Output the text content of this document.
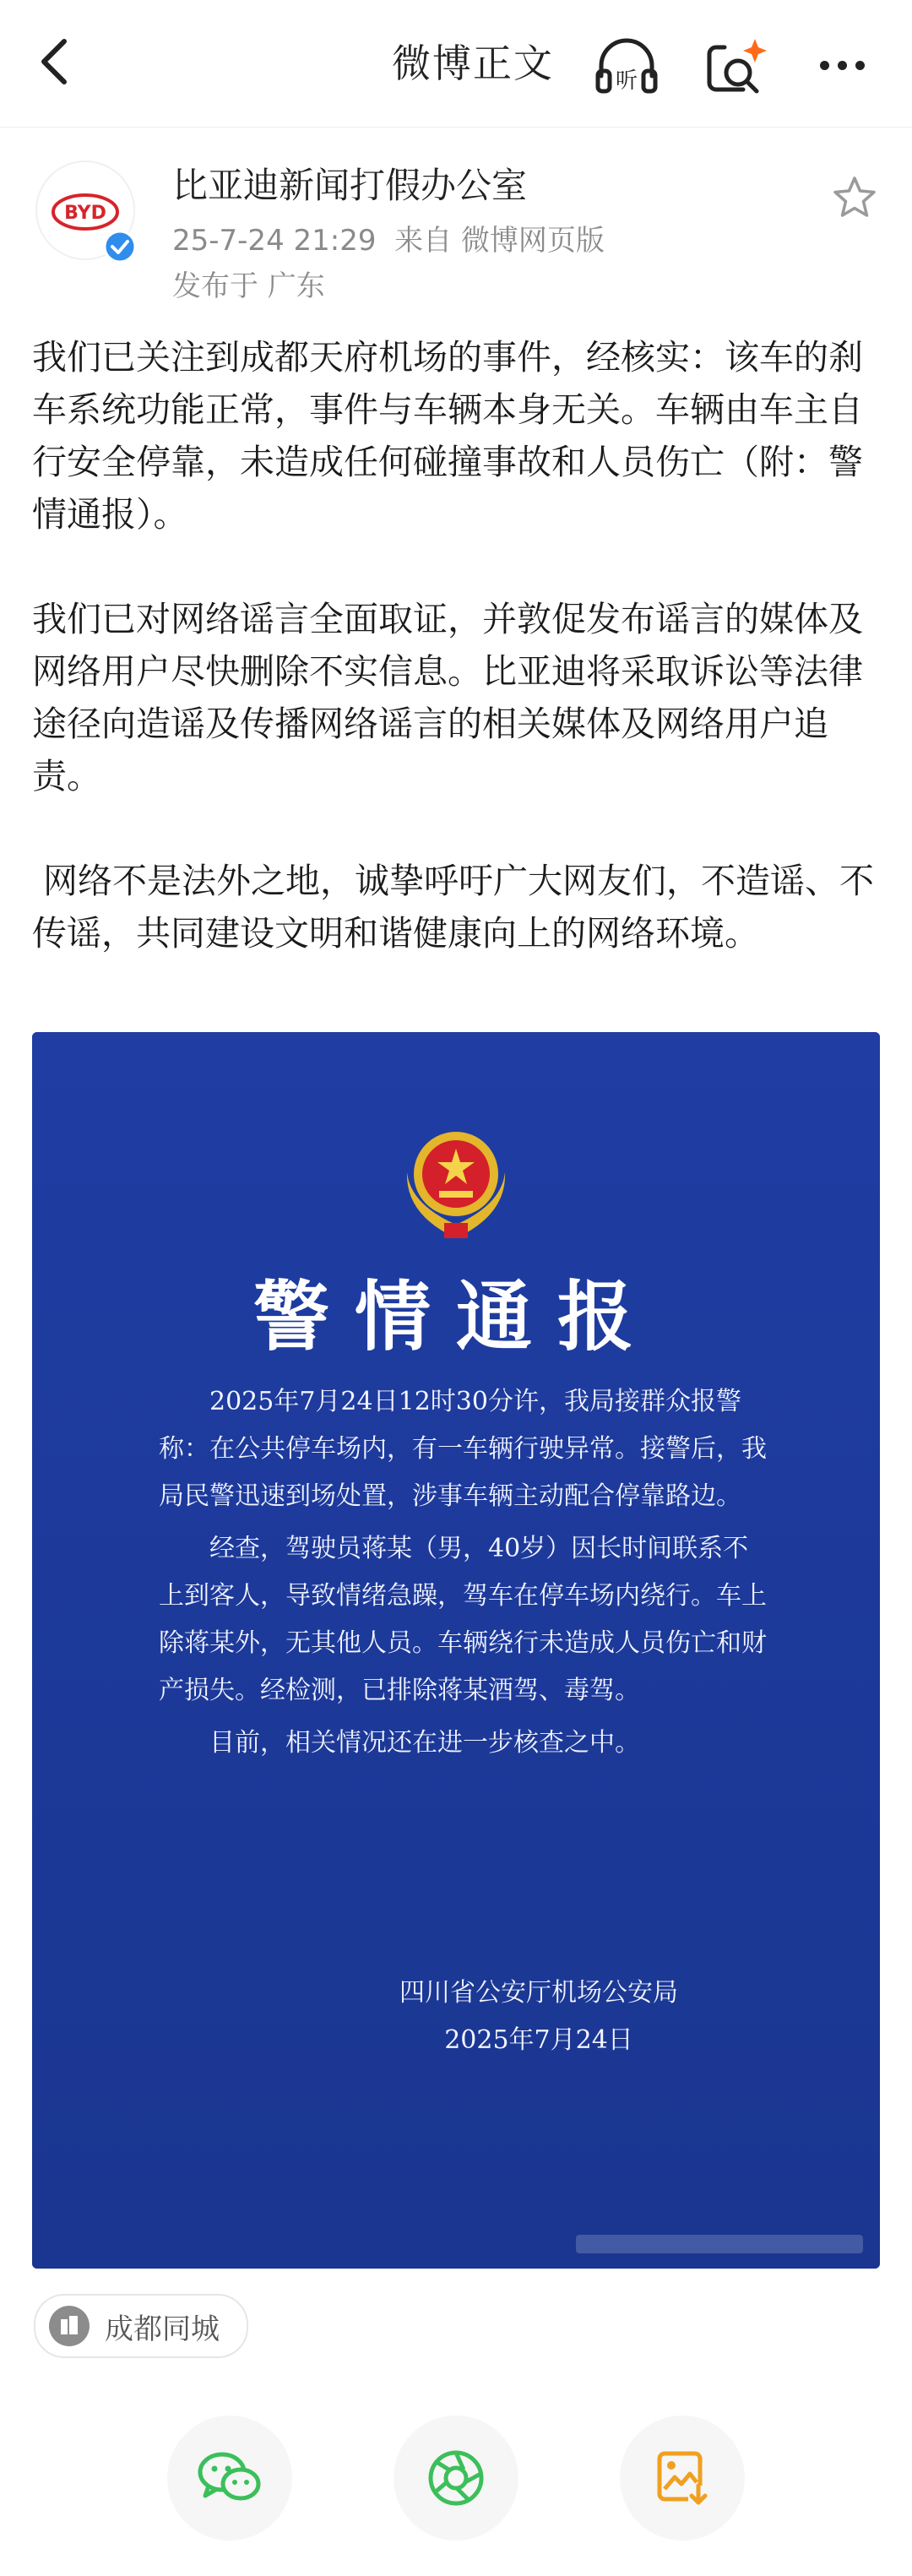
微博正文	听
BYD
比亚迪新闻打假办公室
25-7-24 21:29 来自 微博网页版
发布于 广东

我们已关注到成都天府机场的事件，经核实：该车的刹车系统功能正常，事件与车辆本身无关。车辆由车主自行安全停靠，未造成任何碰撞事故和人员伤亡（附：警情通报）。

我们已对网络谣言全面取证，并敦促发布谣言的媒体及网络用户尽快删除不实信息。比亚迪将采取诉讼等法律途径向造谣及传播网络谣言的相关媒体及网络用户追责。

网络不是法外之地，诚挚呼吁广大网友们，不造谣、不传谣，共同建设文明和谐健康向上的网络环境。

警情通报

2025年7月24日12时30分许，我局接群众报警称：在公共停车场内，有一车辆行驶异常。接警后，我局民警迅速到场处置，涉事车辆主动配合停靠路边。

经查，驾驶员蒋某（男，40岁）因长时间联系不上到客人，导致情绪急躁，驾车在停车场内绕行。车上除蒋某外，无其他人员。车辆绕行未造成人员伤亡和财产损失。经检测，已排除蒋某酒驾、毒驾。

目前，相关情况还在进一步核查之中。

四川省公安厅机场公安局
2025年7月24日
成都同城
